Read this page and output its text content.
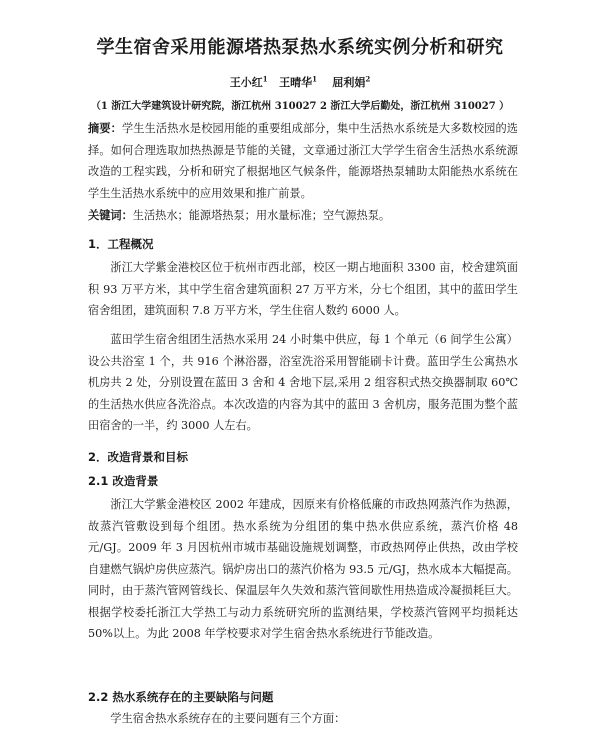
学生宿舍采用能源塔热泵热水系统实例分析和研究
王小红$^1$ 王晴华$^1$ 屈利娟$^2$
（1 浙江大学建筑设计研究院，浙江杭州 310027 2 浙江大学后勤处，浙江杭州 310027 ）
摘要：学生生活热水是校园用能的重要组成部分，集中生活热水系统是大多数校园的选择。如何合理选取加热热源是节能的关键，文章通过浙江大学学生宿舍生活热水系统源改造的工程实践，分析和研究了根据地区气候条件，能源塔热泵辅助太阳能热水系统在学生生活热水系统中的应用效果和推广前景。
关键词：生活热水；能源塔热泵；用水量标准；空气源热泵。
1．工程概况
浙江大学紫金港校区位于杭州市西北部，校区一期占地面积 3300 亩，校舍建筑面积 93 万平方米，其中学生宿舍建筑面积 27 万平方米，分七个组团，其中的蓝田学生宿舍组团，建筑面积 7.8 万平方米，学生住宿人数约 6000 人。
蓝田学生宿舍组团生活热水采用 24 小时集中供应，每 1 个单元（6 间学生公寓）设公共浴室 1 个，共 916 个淋浴器，浴室洗浴采用智能刷卡计费。蓝田学生公寓热水机房共 2 处，分别设置在蓝田 3 舍和 4 舍地下层,采用 2 组容积式热交换器制取 60℃的生活热水供应各洗浴点。本次改造的内容为其中的蓝田 3 舍机房，服务范围为整个蓝田宿舍的一半，约 3000 人左右。
2．改造背景和目标
2.1 改造背景
浙江大学紫金港校区 2002 年建成，因原来有价格低廉的市政热网蒸汽作为热源，故蒸汽管敷设到每个组团。热水系统为分组团的集中热水供应系统，蒸汽价格 48 元/GJ。2009 年 3 月因杭州市城市基础设施规划调整，市政热网停止供热，改由学校自建燃气锅炉房供应蒸汽。锅炉房出口的蒸汽价格为 93.5 元/GJ，热水成本大幅提高。同时，由于蒸汽管网管线长、保温层年久失效和蒸汽管间歇性用热造成冷凝损耗巨大。根据学校委托浙江大学热工与动力系统研究所的监测结果，学校蒸汽管网平均损耗达 50%以上。为此 2008 年学校要求对学生宿舍热水系统进行节能改造。
2.2 热水系统存在的主要缺陷与问题
学生宿舍热水系统存在的主要问题有三个方面：
